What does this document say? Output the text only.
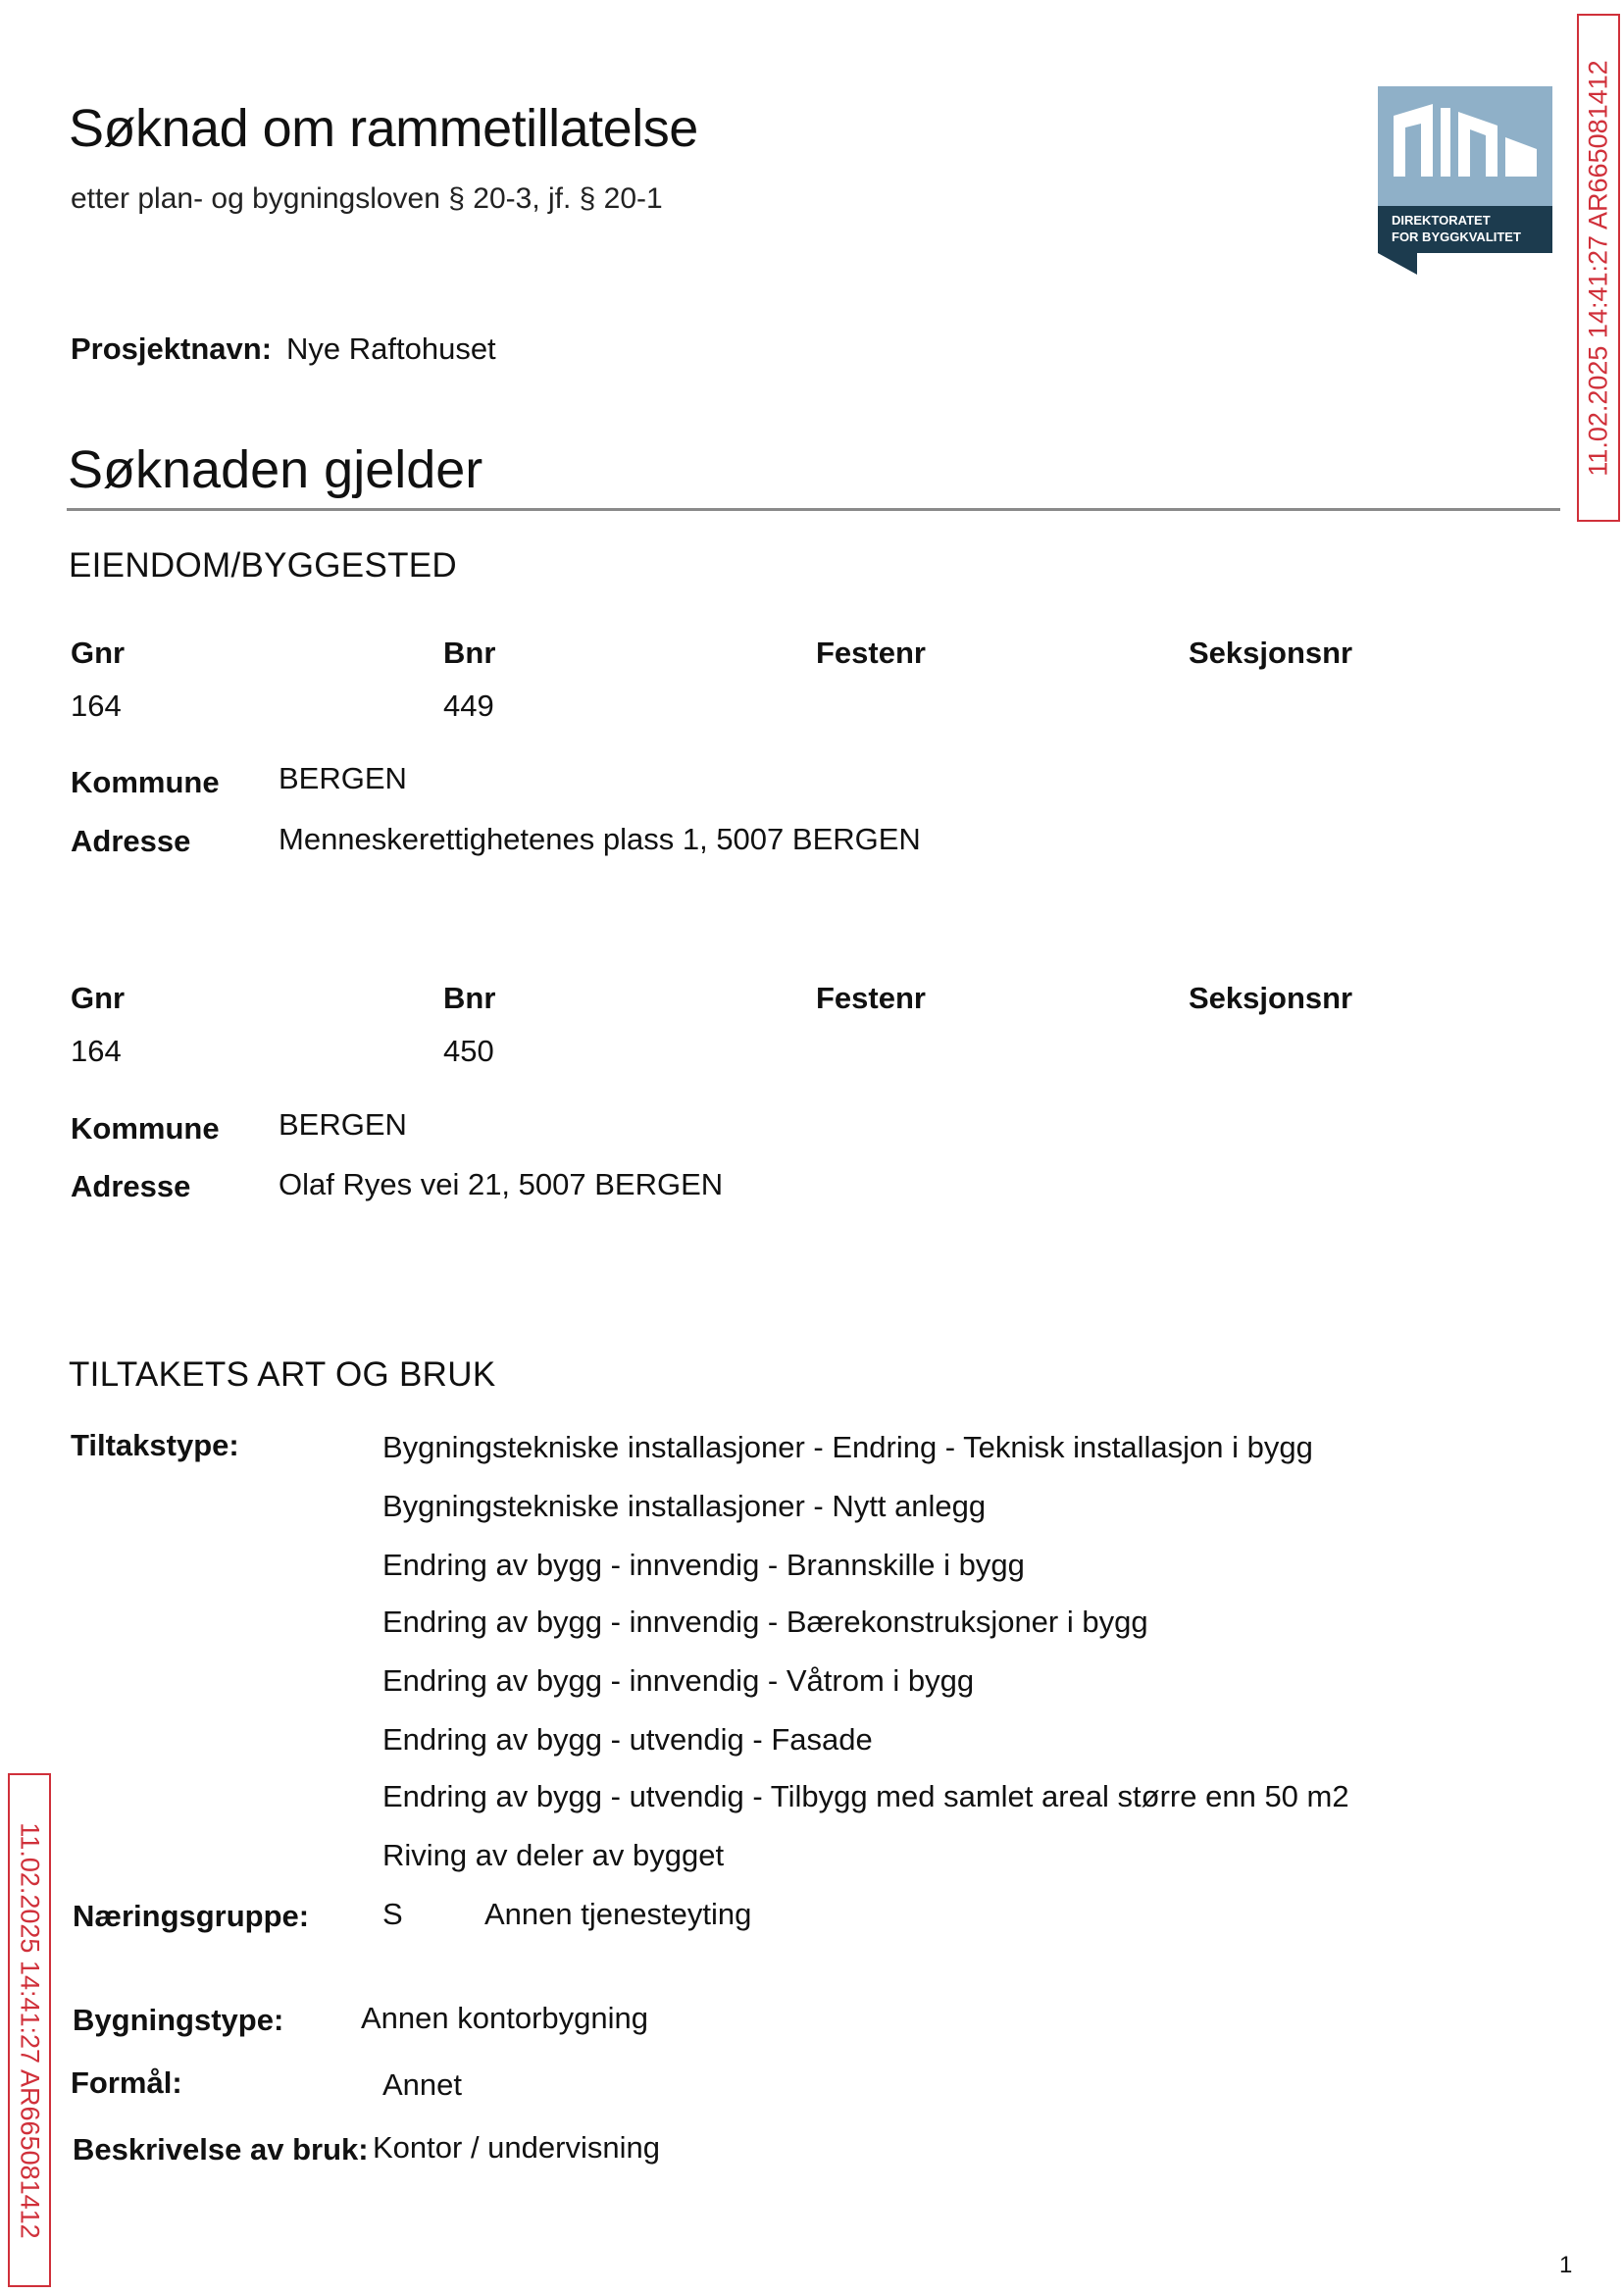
Søknad om rammetillatelse
etter plan- og bygningsloven § 20-3, jf. § 20-1
DIREKTORATET
FOR BYGGKVALITET 11.02.2025 14:41:27 AR665081412
11.02.2025 14:41:27 AR665081412
Prosjektnavn: Nye Raftohuset
Søknaden gjelder
EIENDOM/BYGGESTED
Gnr	Bnr	Festenr	Seksjonsnr
164	449
Kommune BERGEN
Adresse	Menneskerettighetenes plass 1, 5007 BERGEN
Gnr	Bnr	Festenr	Seksjonsnr
164	450
Kommune BERGEN
Adresse	Olaf Ryes vei 21, 5007 BERGEN
TILTAKETS ART OG BRUK
Tiltakstype:	Bygningstekniske installasjoner - Endring - Teknisk installasjon i bygg
Bygningstekniske installasjoner - Nytt anlegg
Endring av bygg - innvendig - Brannskille i bygg
Endring av bygg - innvendig - Bærekonstruksjoner i bygg
Endring av bygg - innvendig - Våtrom i bygg
Endring av bygg - utvendig - Fasade
Endring av bygg - utvendig - Tilbygg med samlet areal større enn 50 m2
Riving av deler av bygget
Næringsgruppe: S	Annen tjenesteyting
Bygningstype:	Annen kontorbygning
Formål:	Annet
Beskrivelse av bruk: Kontor / undervisning
1
